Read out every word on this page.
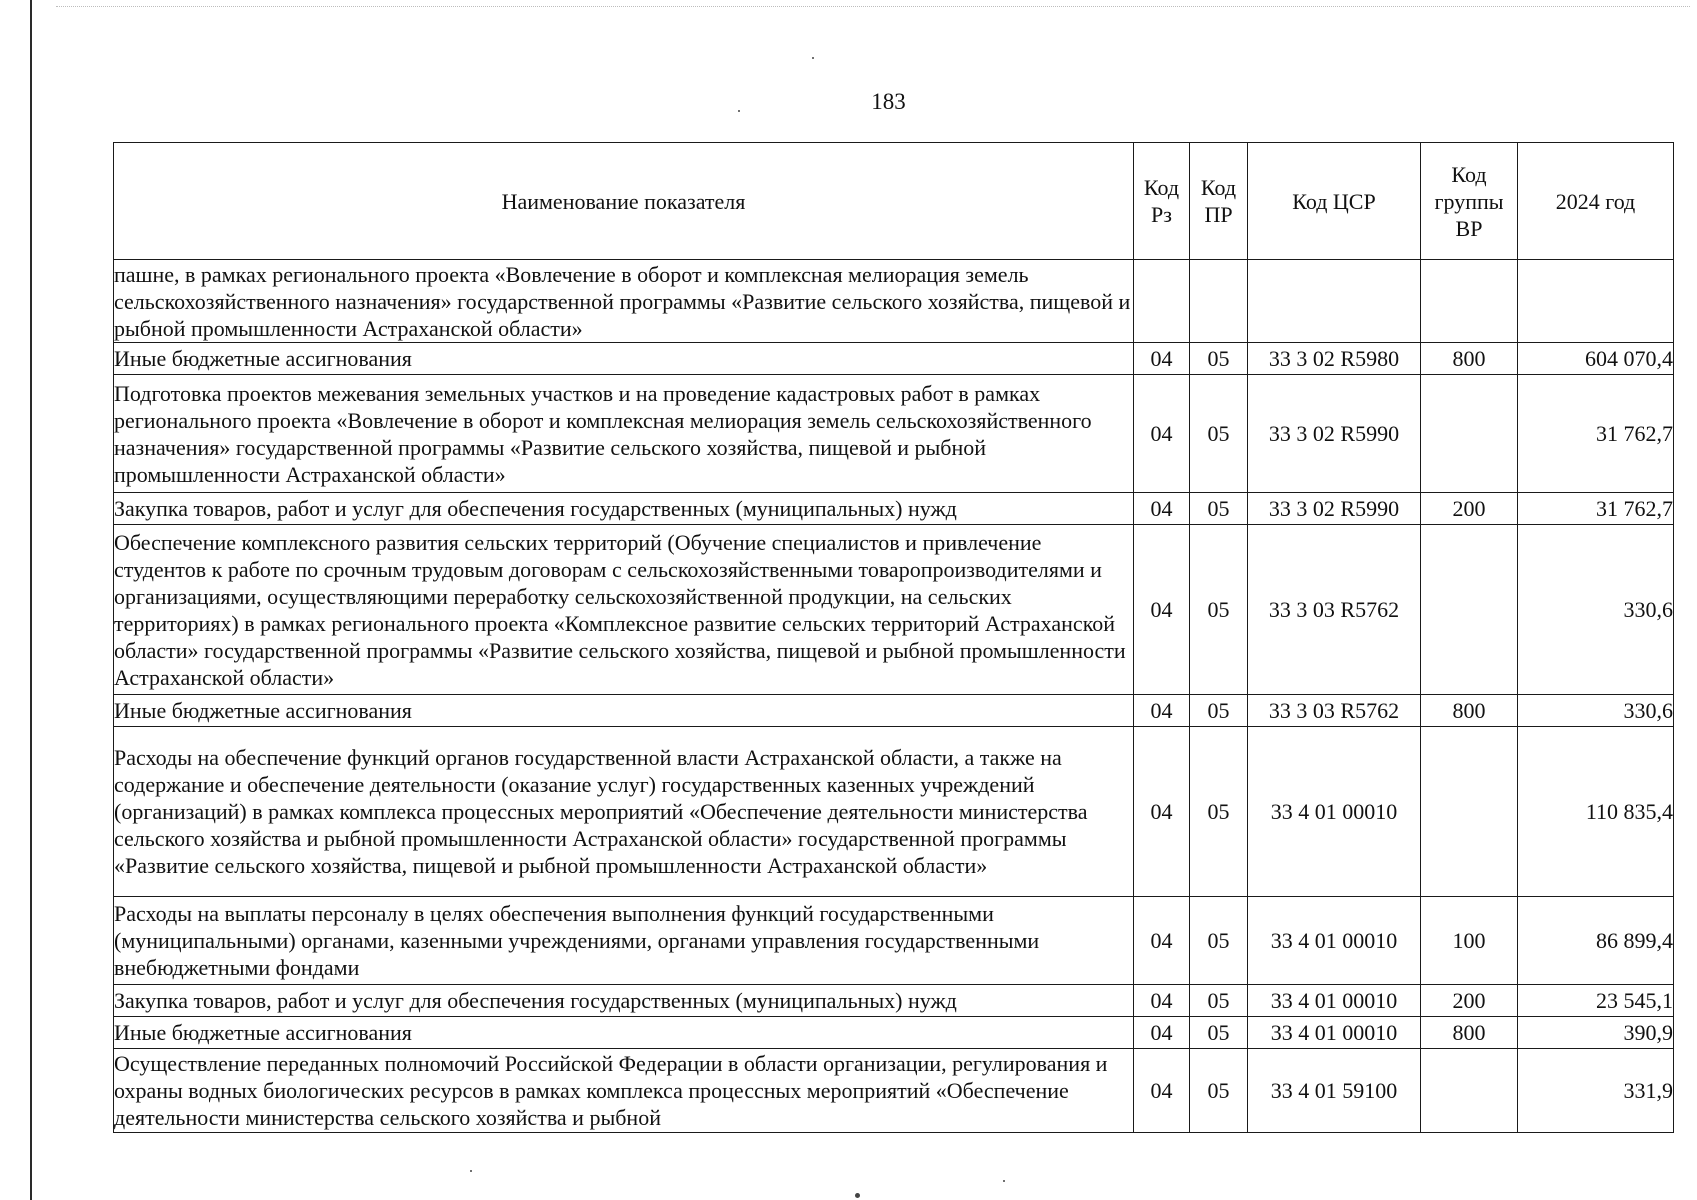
183
Наименование показателя	Код Рз	Код ПР	Код ЦСР	Код группы ВР	2024 год
пашне, в рамках регионального проекта «Вовлечение в оборот и комплексная мелиорация земель сельскохозяйственного назначения» государственной программы «Развитие сельского хозяйства, пищевой и рыбной промышленности Астраханской области»					
Иные бюджетные ассигнования	04	05	33 3 02 R5980	800	604 070,4
Подготовка проектов межевания земельных участков и на проведение кадастровых работ в рамках регионального проекта «Вовлечение в оборот и комплексная мелиорация земель сельскохозяйственного назначения» государственной программы «Развитие сельского хозяйства, пищевой и рыбной промышленности Астраханской области»	04	05	33 3 02 R5990		31 762,7
Закупка товаров, работ и услуг для обеспечения государственных (муниципальных) нужд	04	05	33 3 02 R5990	200	31 762,7
Обеспечение комплексного развития сельских территорий (Обучение специалистов и привлечение студентов к работе по срочным трудовым договорам с сельскохозяйственными товаропроизводителями и организациями, осуществляющими переработку сельскохозяйственной продукции, на сельских территориях) в рамках регионального проекта «Комплексное развитие сельских территорий Астраханской области» государственной программы «Развитие сельского хозяйства, пищевой и рыбной промышленности Астраханской области»	04	05	33 3 03 R5762		330,6
Иные бюджетные ассигнования	04	05	33 3 03 R5762	800	330,6
Расходы на обеспечение функций органов государственной власти Астраханской области, а также на содержание и обеспечение деятельности (оказание услуг) государственных казенных учреждений (организаций) в рамках комплекса процессных мероприятий «Обеспечение деятельности министерства сельского хозяйства и рыбной промышленности Астраханской области» государственной программы «Развитие сельского хозяйства, пищевой и рыбной промышленности Астраханской области»	04	05	33 4 01 00010		110 835,4
Расходы на выплаты персоналу в целях обеспечения выполнения функций государственными (муниципальными) органами, казенными учреждениями, органами управления государственными внебюджетными фондами	04	05	33 4 01 00010	100	86 899,4
Закупка товаров, работ и услуг для обеспечения государственных (муниципальных) нужд	04	05	33 4 01 00010	200	23 545,1
Иные бюджетные ассигнования	04	05	33 4 01 00010	800	390,9
Осуществление переданных полномочий Российской Федерации в области организации, регулирования и охраны водных биологических ресурсов в рамках комплекса процессных мероприятий «Обеспечение деятельности министерства сельского хозяйства и рыбной	04	05	33 4 01 59100		331,9
